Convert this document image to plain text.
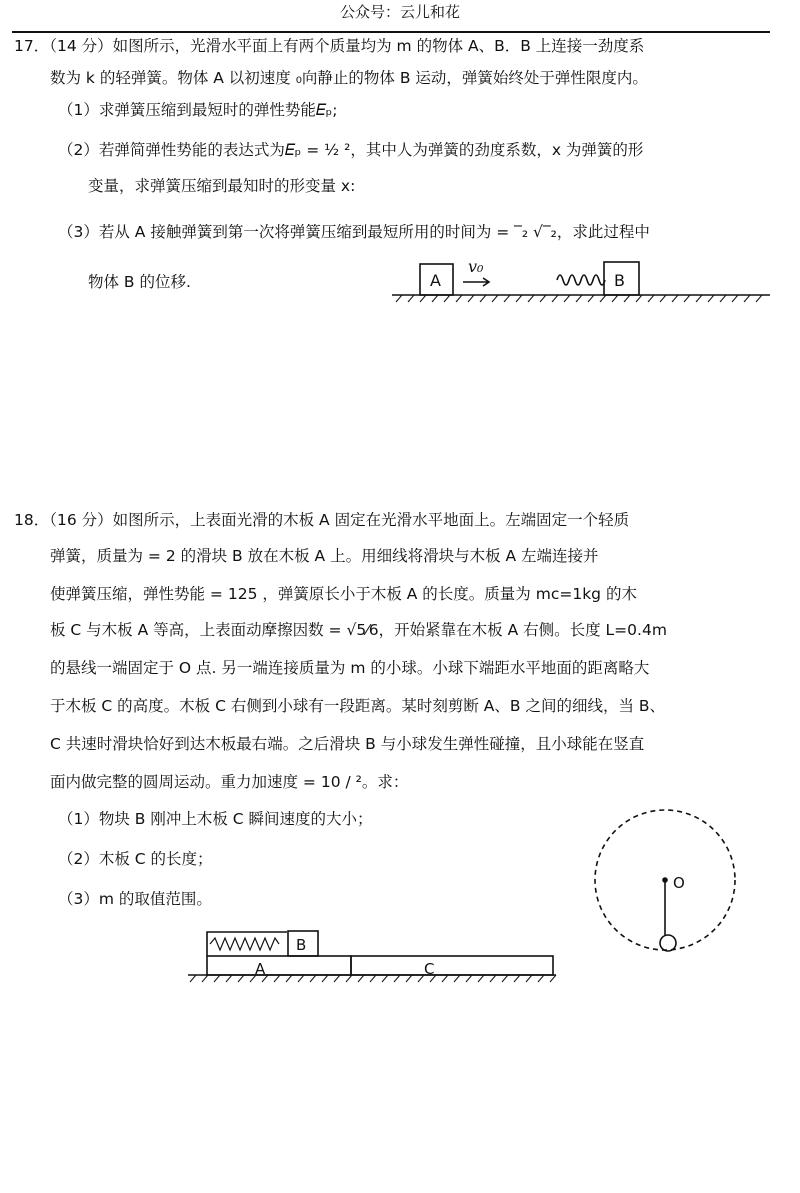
公众号：云儿和花
17．（14 分）如图所示，光滑水平面上有两个质量均为 m 的物体 A、B．B 上连接一劲度系
数为 k 的轻弹簧。物体 A 以初速度 ₀向静止的物体 B 运动，弹簧始终处于弹性限度内。
（1）求弹簧压缩到最短时的弹性势能𝐸ₚ;
（2）若弹简弹性势能的表达式为𝐸ₚ = ½ ²，其中人为弹簧的劲度系数，x 为弹簧的形
变量，求弹簧压缩到最知时的形变量 x:
（3）若从 A 接触弹簧到第一次将弹簧压缩到最短所用的时间为 = ‾₂ √‾₂，求此过程中
物体 B 的位移.	A	B
v₀
B
A	C
O
18．（16 分）如图所示，上表面光滑的木板 A 固定在光滑水平地面上。左端固定一个轻质
弹簧，质量为 = 2 的滑块 B 放在木板 A 上。用细线将滑块与木板 A 左端连接并
使弹簧压缩，弹性势能 = 125 ，弹簧原长小于木板 A 的长度。质量为 mc=1kg 的木
板 C 与木板 A 等高，上表面动摩擦因数 = √5⁄6，开始紧靠在木板 A 右侧。长度 L=0.4m
的悬线一端固定于 O 点. 另一端连接质量为 m 的小球。小球下端距水平地面的距离略大
于木板 C 的高度。木板 C 右侧到小球有一段距离。某时刻剪断 A、B 之间的细线，当 B、
C 共速时滑块恰好到达木板最右端。之后滑块 B 与小球发生弹性碰撞，且小球能在竖直
面内做完整的圆周运动。重力加速度 = 10 / ²。求：
（1）物块 B 刚冲上木板 C 瞬间速度的大小；
（2）木板 C 的长度；
（3）m 的取值范围。
